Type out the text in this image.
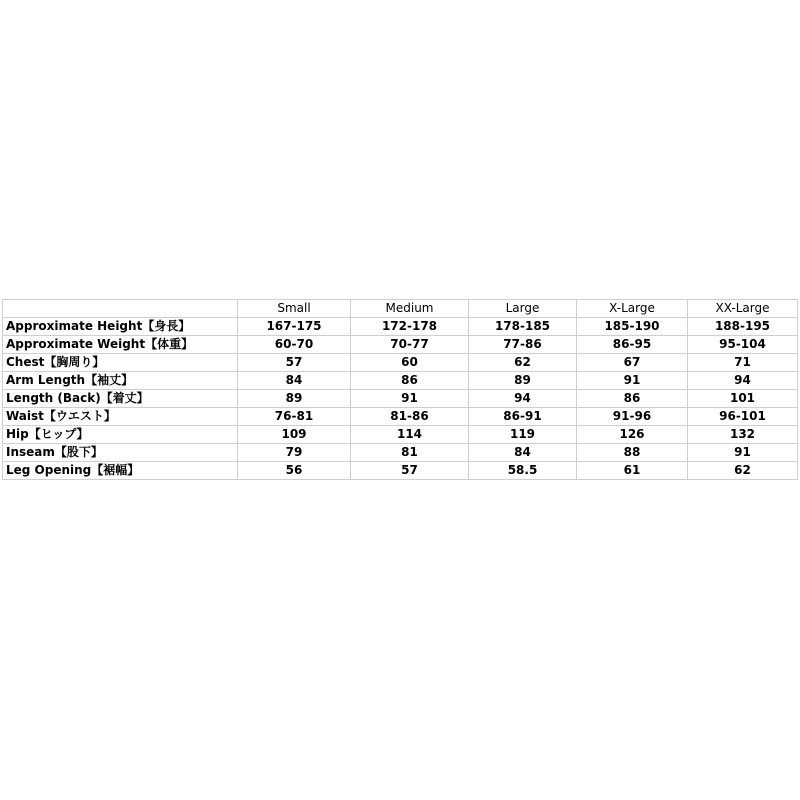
	Small	Medium	Large	X-Large	XX-Large
Approximate Height【身長】	167-175	172-178	178-185	185-190	188-195
Approximate Weight【体重】	60-70	70-77	77-86	86-95	95-104
Chest【胸周り】	57	60	62	67	71
Arm Length【袖丈】	84	86	89	91	94
Length (Back)【着丈】	89	91	94	86	101
Waist【ウエスト】	76-81	81-86	86-91	91-96	96-101
Hip【ヒップ】	109	114	119	126	132
Inseam【股下】	79	81	84	88	91
Leg Opening【裾幅】	56	57	58.5	61	62
